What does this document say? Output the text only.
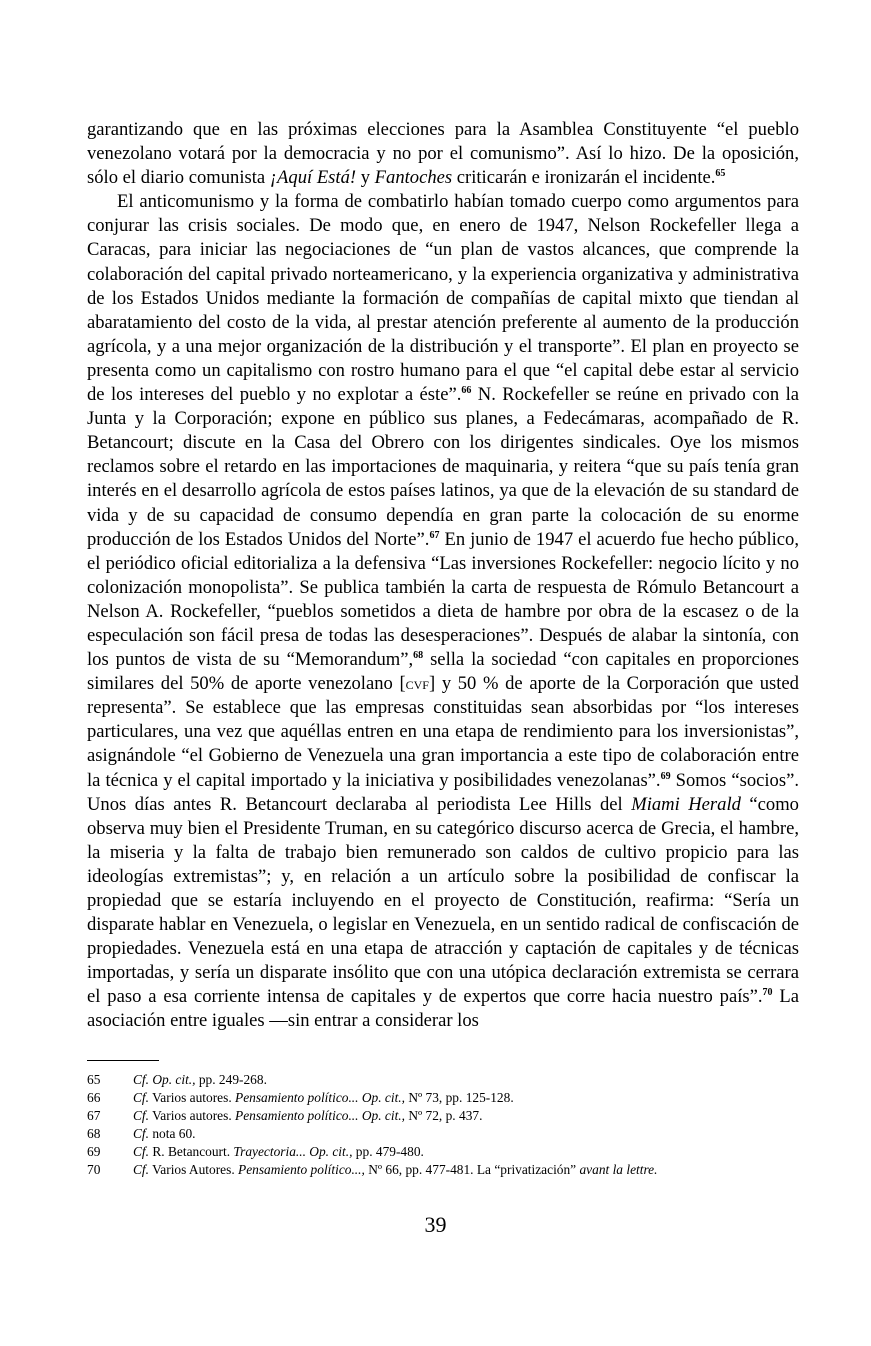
garantizando que en las próximas elecciones para la Asamblea Constituyente “el pueblo venezolano votará por la democracia y no por el comunismo”. Así lo hizo. De la oposición, sólo el diario comunista ¡Aquí Está! y Fantoches criticarán e ironizarán el incidente.$^{65}$

El anticomunismo y la forma de combatirlo habían tomado cuerpo como argumentos para conjurar las crisis sociales. De modo que, en enero de 1947, Nelson Rockefeller llega a Caracas, para iniciar las negociaciones de “un plan de vastos alcances, que comprende la colaboración del capital privado norteamericano, y la experiencia organizativa y administrativa de los Estados Unidos mediante la formación de compañías de capital mixto que tiendan al abaratamiento del costo de la vida, al prestar atención preferente al aumento de la producción agrícola, y a una mejor organización de la distribución y el transporte”. El plan en proyecto se presenta como un capitalismo con rostro humano para el que “el capital debe estar al servicio de los intereses del pueblo y no explotar a éste”.$^{66}$ N. Rockefeller se reúne en privado con la Junta y la Corporación; expone en público sus planes, a Fedecámaras, acompañado de R. Betancourt; discute en la Casa del Obrero con los dirigentes sindicales. Oye los mismos reclamos sobre el retardo en las importaciones de maquinaria, y reitera “que su país tenía gran interés en el desarrollo agrícola de estos países latinos, ya que de la elevación de su standard de vida y de su capacidad de consumo dependía en gran parte la colocación de su enorme producción de los Estados Unidos del Norte”.$^{67}$ En junio de 1947 el acuerdo fue hecho público, el periódico oficial editorializa a la defensiva “Las inversiones Rockefeller: negocio lícito y no colonización monopolista”. Se publica también la carta de respuesta de Rómulo Betancourt a Nelson A. Rockefeller, “pueblos sometidos a dieta de hambre por obra de la escasez o de la especulación son fácil presa de todas las desesperaciones”. Después de alabar la sintonía, con los puntos de vista de su “Memorandum”,$^{68}$ sella la sociedad “con capitales en proporciones similares del 50% de aporte venezolano [cvf] y 50 % de aporte de la Corporación que usted representa”. Se establece que las empresas constituidas sean absorbidas por “los intereses particulares, una vez que aquéllas entren en una etapa de rendimiento para los inversionistas”, asignándole “el Gobierno de Venezuela una gran importancia a este tipo de colaboración entre la técnica y el capital importado y la iniciativa y posibilidades venezolanas”.$^{69}$ Somos “socios”. Unos días antes R. Betancourt declaraba al periodista Lee Hills del Miami Herald “como observa muy bien el Presidente Truman, en su categórico discurso acerca de Grecia, el hambre, la miseria y la falta de trabajo bien remunerado son caldos de cultivo propicio para las ideologías extremistas”; y, en relación a un artículo sobre la posibilidad de confiscar la propiedad que se estaría incluyendo en el proyecto de Constitución, reafirma: “Sería un disparate hablar en Venezuela, o legislar en Venezuela, en un sentido radical de confiscación de propiedades. Venezuela está en una etapa de atracción y captación de capitales y de técnicas importadas, y sería un disparate insólito que con una utópica declaración extremista se cerrara el paso a esa corriente intensa de capitales y de expertos que corre hacia nuestro país”.$^{70}$ La asociación entre iguales —sin entrar a considerar los

65	Cf. Op. cit., pp. 249-268.
66	Cf. Varios autores. Pensamiento político... Op. cit., Nº 73, pp. 125-128.
67	Cf. Varios autores. Pensamiento político... Op. cit., Nº 72, p. 437.
68	Cf. nota 60.
69	Cf. R. Betancourt. Trayectoria... Op. cit., pp. 479-480.
70	Cf. Varios Autores. Pensamiento político..., Nº 66, pp. 477-481. La “privatización” avant la lettre.
39
